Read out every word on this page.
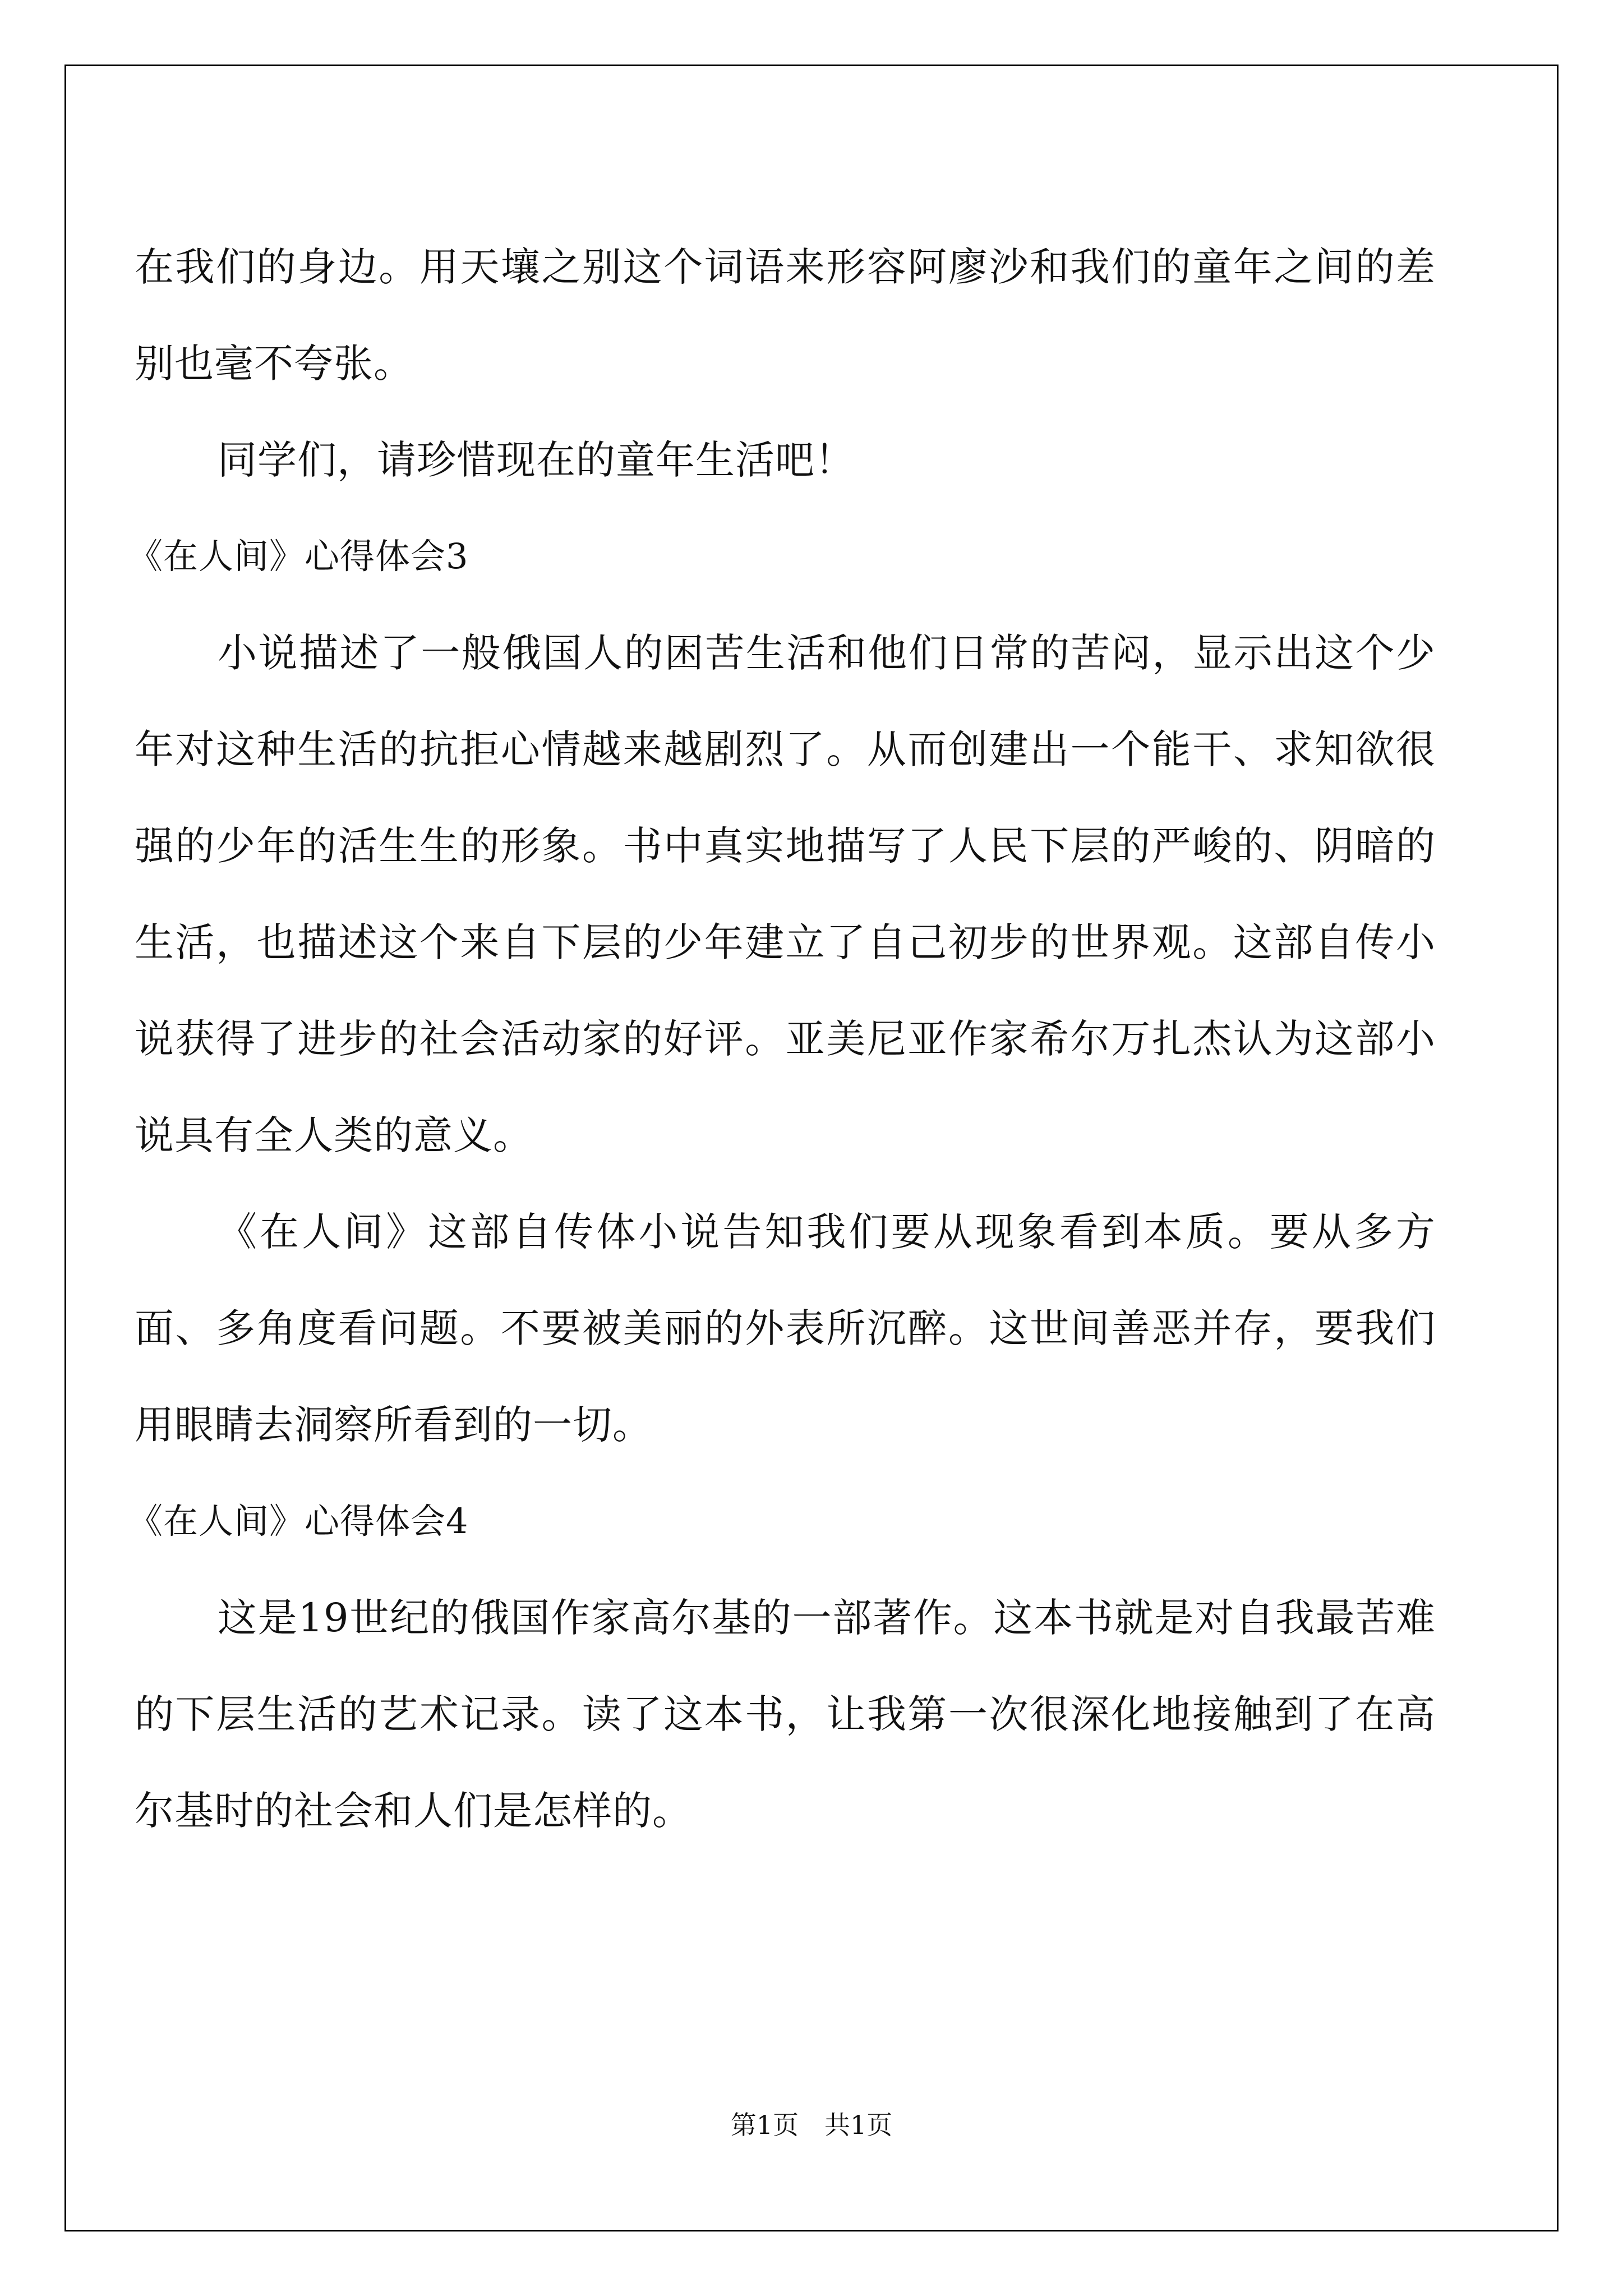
在我们的身边。用天壤之别这个词语来形容阿廖沙和我们的童年之间的差别也毫不夸张。

同学们，请珍惜现在的童年生活吧！

《在人间》心得体会3

小说描述了一般俄国人的困苦生活和他们日常的苦闷，显示出这个少年对这种生活的抗拒心情越来越剧烈了。从而创建出一个能干、求知欲很强的少年的活生生的形象。书中真实地描写了人民下层的严峻的、阴暗的生活，也描述这个来自下层的少年建立了自己初步的世界观。这部自传小说获得了进步的社会活动家的好评。亚美尼亚作家希尔万扎杰认为这部小说具有全人类的意义。

《在人间》这部自传体小说告知我们要从现象看到本质。要从多方面、多角度看问题。不要被美丽的外表所沉醉。这世间善恶并存，要我们用眼睛去洞察所看到的一切。

《在人间》心得体会4

这是19世纪的俄国作家高尔基的一部著作。这本书就是对自我最苦难的下层生活的艺术记录。读了这本书，让我第一次很深化地接触到了在高尔基时的社会和人们是怎样的。

第1页　共1页
